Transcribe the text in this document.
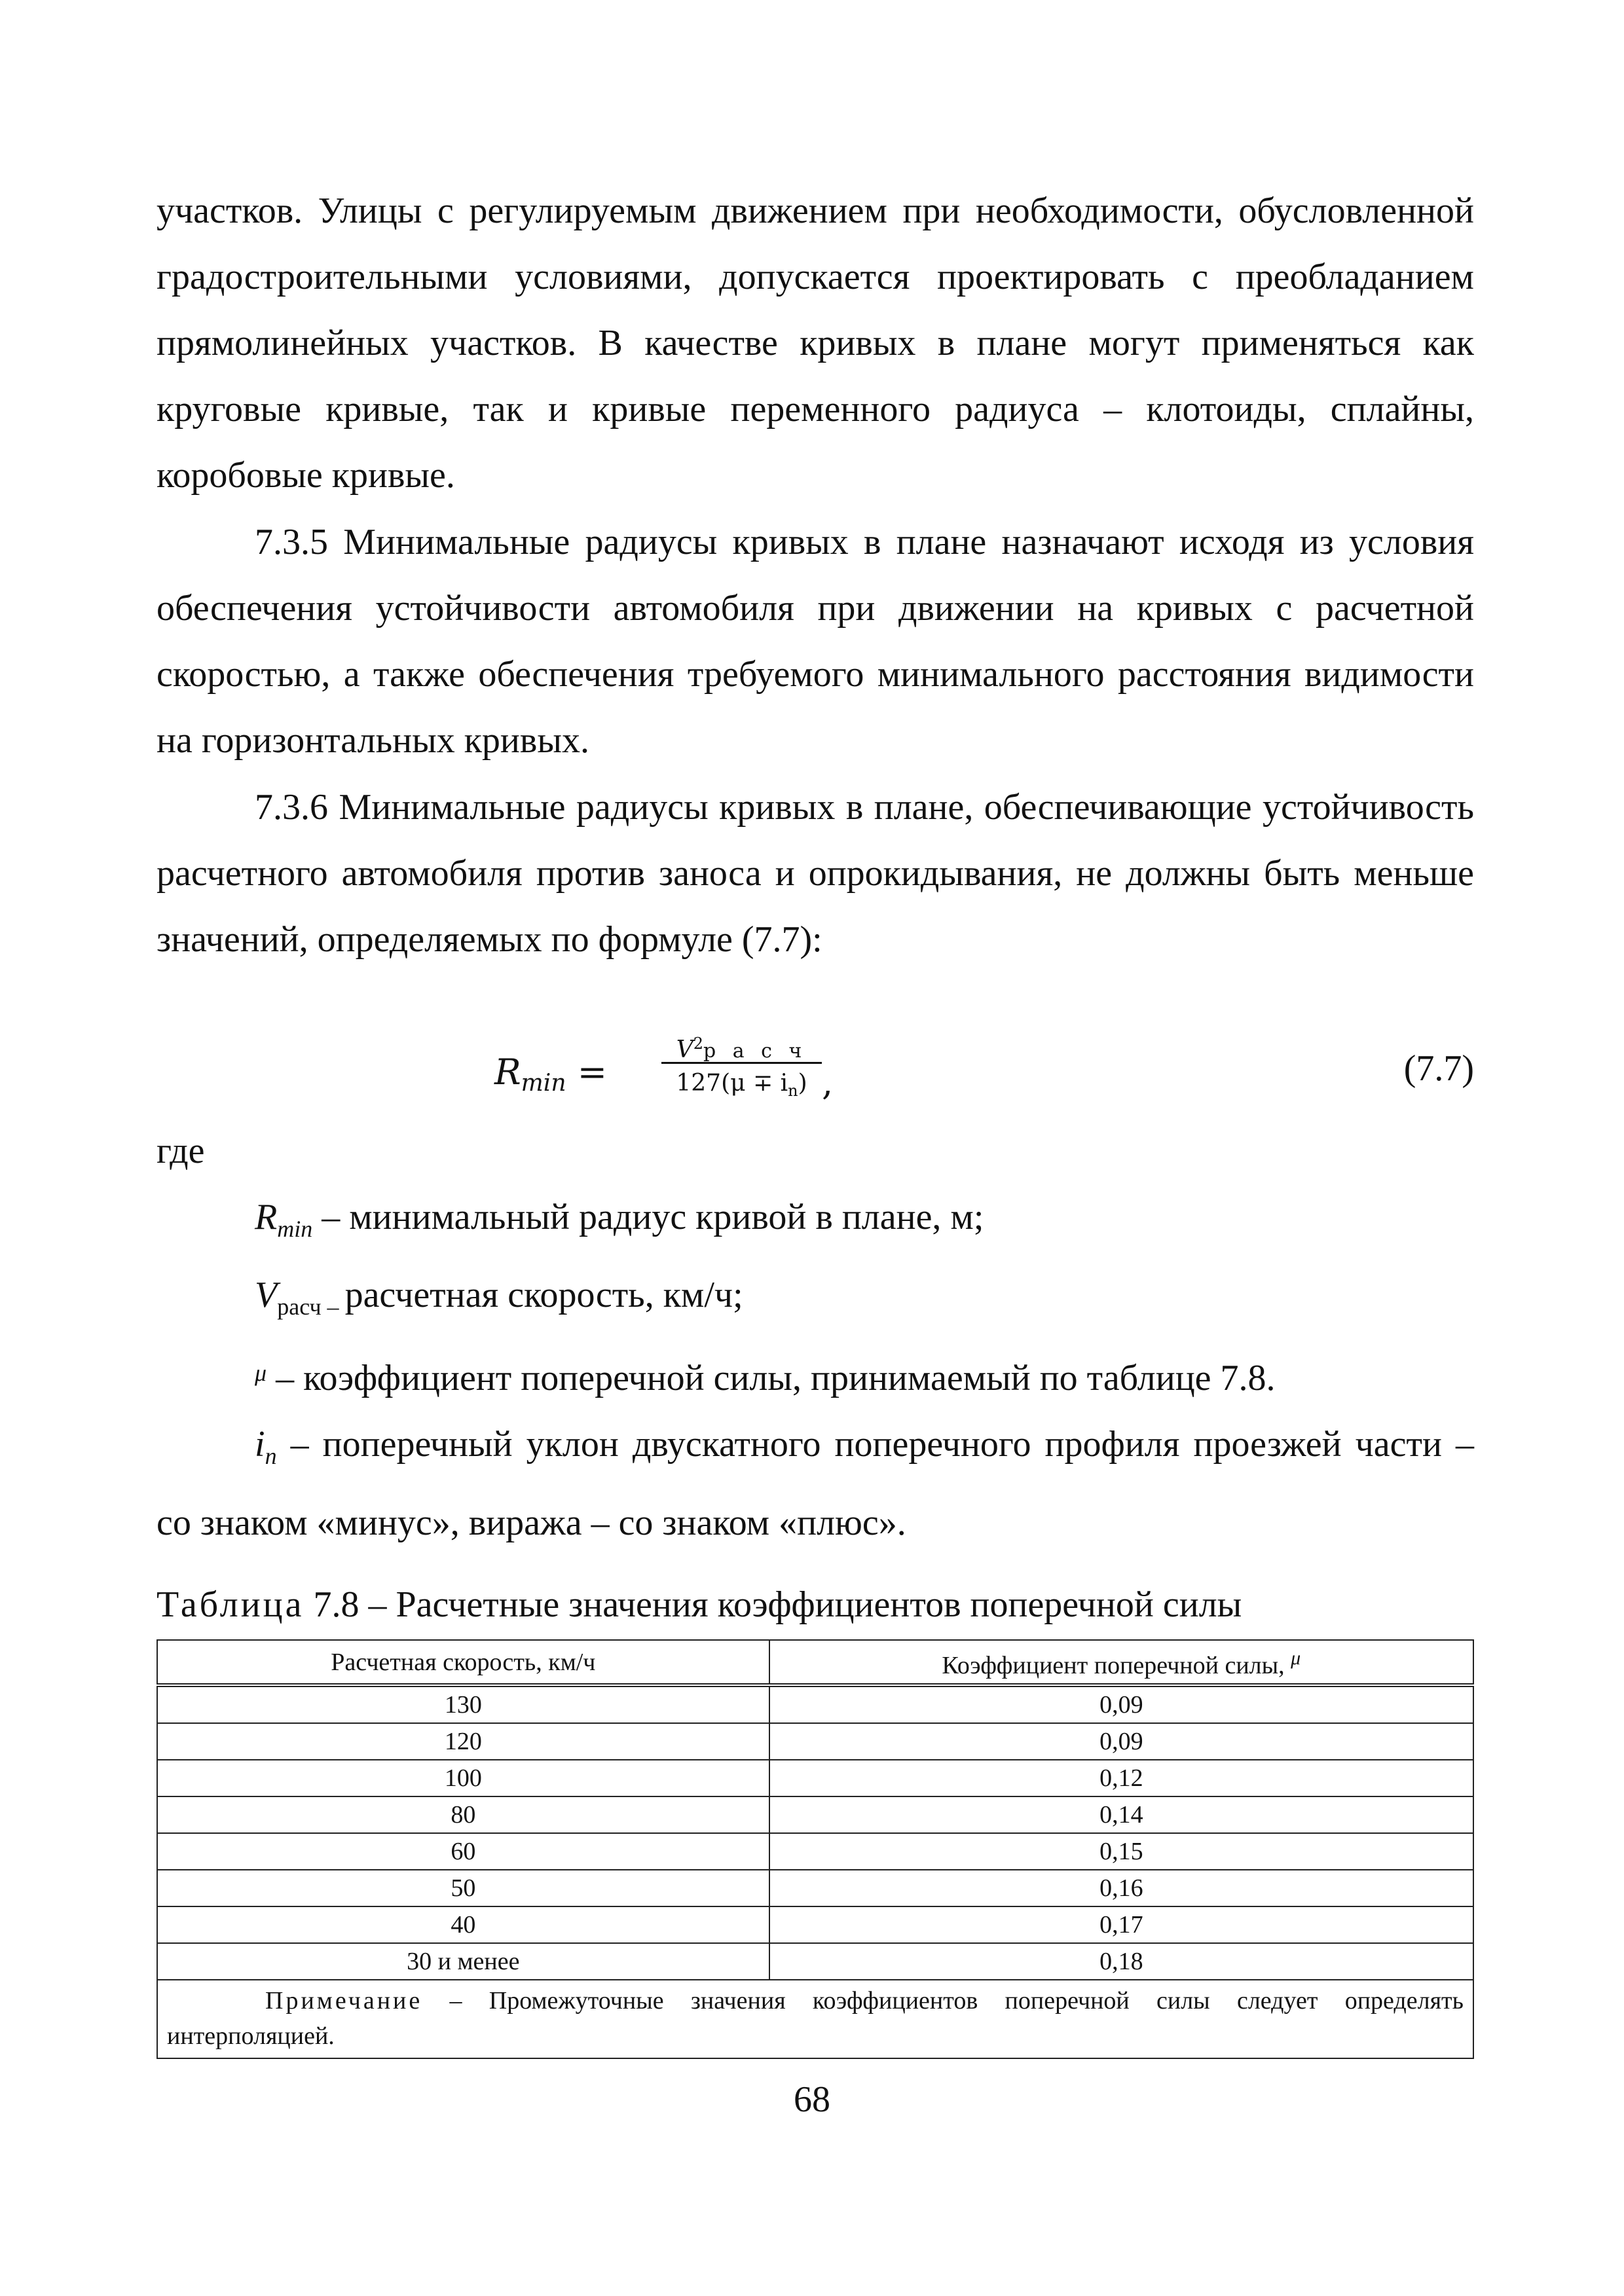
участков. Улицы с регулируемым движением при необходимости, обусловленной градостроительными условиями, допускается проектировать с преобладанием прямолинейных участков. В качестве кривых в плане могут применяться как круговые кривые, так и кривые переменного радиуса – клотоиды, сплайны, коробовые кривые.

7.3.5 Минимальные радиусы кривых в плане назначают исходя из условия обеспечения устойчивости автомобиля при движении на кривых с расчетной скоростью, а также обеспечения требуемого минимального расстояния видимости на горизонтальных кривых.

7.3.6 Минимальные радиусы кривых в плане, обеспечивающие устойчивость расчетного автомобиля против заноса и опрокидывания, не должны быть меньше значений, определяемых по формуле (7.7):

$R_{min}$ =
$V^2р$ а с ч
$127(\mu \mp i_n)$ ,	(7.7)
где

$R_{min}$ – минимальный радиус кривой в плане, м;

$V_{расч -}$ расчетная скорость, км/ч;

$^\mu$ – коэффициент поперечной силы, принимаемый по таблице 7.8.

$i_n$ – поперечный уклон двускатного поперечного профиля проезжей части – со знаком «минус», виража – со знаком «плюс».

Таблица 7.8 – Расчетные значения коэффициентов поперечной силы
Расчетная скорость, км/ч	Коэффициент поперечной силы, $^\mu$
130	0,09
120	0,09
100	0,12
80	0,14
60	0,15
50	0,16
40	0,17
30 и менее	0,18
Примечание – Промежуточные значения коэффициентов поперечной силы следует определять интерполяцией.	
68
